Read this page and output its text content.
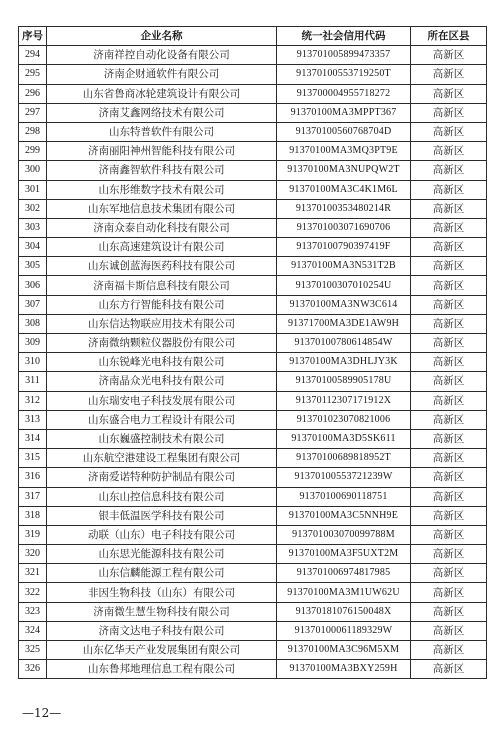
序号	企业名称	统一社会信用代码	所在区县
294	济南祥控自动化设备有限公司	913701005899473357	高新区
295	济南企财通软件有限公司	91370100553719250T	高新区
296	山东省鲁商冰轮建筑设计有限公司	913700004955718272	高新区
297	济南艾鑫网络技术有限公司	91370100MA3MPPT367	高新区
298	山东特普软件有限公司	91370100560768704D	高新区
299	济南丽阳神州智能科技有限公司	91370100MA3MQ3PT9E	高新区
300	济南鑫智软件科技有限公司	91370100MA3NUPQW2T	高新区
301	山东彤维数字技术有限公司	91370100MA3C4K1M6L	高新区
302	山东军地信息技术集团有限公司	91370100353480214R	高新区
303	济南众泰自动化科技有限公司	913701003071690706	高新区
304	山东高速建筑设计有限公司	91370100790397419F	高新区
305	山东诚创蓝海医药科技有限公司	91370100MA3N531T2B	高新区
306	济南福卡斯信息科技有限公司	91370100307010254U	高新区
307	山东方行智能科技有限公司	91370100MA3NW3C614	高新区
308	山东信达物联应用技术有限公司	91371700MA3DE1AW9H	高新区
309	济南微纳颗粒仪器股份有限公司	91370100780614854W	高新区
310	山东锐峰光电科技有限公司	91370100MA3DHLJY3K	高新区
311	济南晶众光电科技有限公司	91370100589905178U	高新区
312	山东瑞安电子科技发展有限公司	91370112307171912X	高新区
313	山东盛合电力工程设计有限公司	913701023070821006	高新区
314	山东巍盛控制技术有限公司	91370100MA3D5SK611	高新区
315	山东航空港建设工程集团有限公司	91370100689818952T	高新区
316	济南爱诺特种防护制品有限公司	91370100553721239W	高新区
317	山东山控信息科技有限公司	91370100690118751	高新区
318	银丰低温医学科技有限公司	91370100MA3C5NNH9E	高新区
319	动联（山东）电子科技有限公司	913701003070099788M	高新区
320	山东思光能源科技有限公司	91370100MA3F5UXT2M	高新区
321	山东信麟能源工程有限公司	91370100697481798​5	高新区
322	非因生物科技（山东）有限公司	91370100MA3M1UW62U	高新区
323	济南微生慧生物科技有限公司	913701810761500​48X	高新区
324	济南文达电子科技有限公司	913701000611893​29W	高新区
325	山东亿华天产业发展集团有限公司	91370100MA3C96M5XM	高新区
326	山东鲁邦地理信息工程有限公司	91370100MA3BXY259H	高新区
—12—
